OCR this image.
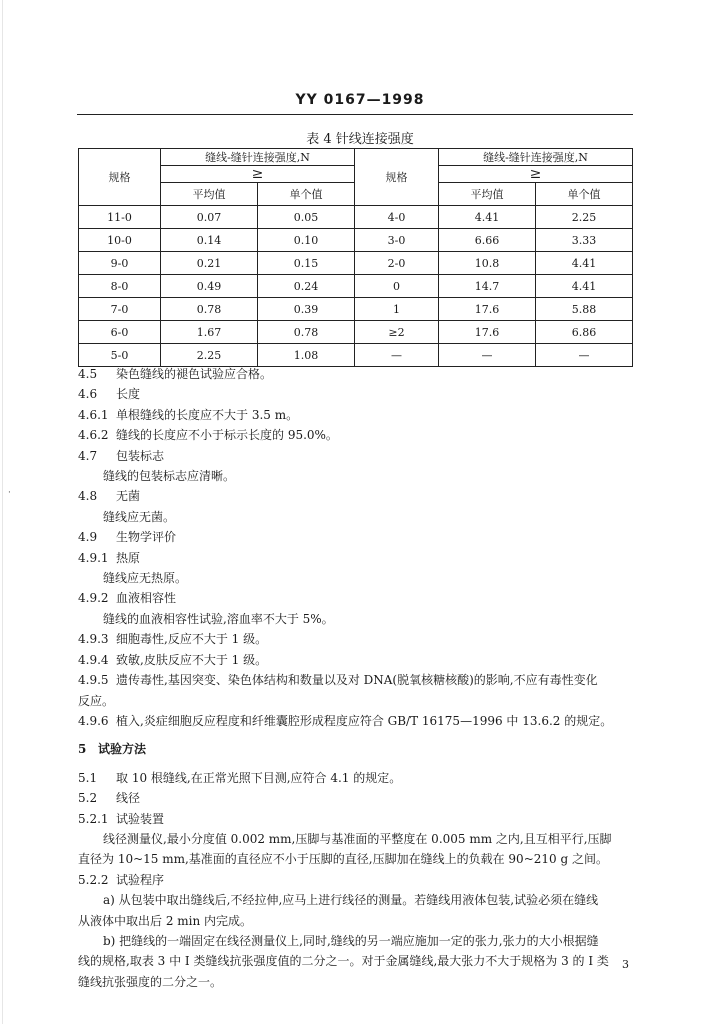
YY 0167—1998
表 4 针线连接强度
规格	缝线-缝针连接强度,N		规格	缝线-缝针连接强度,N	
	≥			≥	
	平均值	单个值		平均值	单个值
11-0	0.07	0.05	4-0	4.41	2.25
10-0	0.14	0.10	3-0	6.66	3.33
9-0	0.21	0.15	2-0	10.8	4.41
8-0	0.49	0.24	0	14.7	4.41
7-0	0.78	0.39	1	17.6	5.88
6-0	1.67	0.78	≥2	17.6	6.86
5-0	2.25	1.08	—	—	—
4.5 染色缝线的褪色试验应合格。
4.6 长度
4.6.1 单根缝线的长度应不大于 3.5 m。
4.6.2 缝线的长度应不小于标示长度的 95.0%。
4.7 包装标志
缝线的包装标志应清晰。
4.8 无菌
缝线应无菌。
4.9 生物学评价
4.9.1 热原
缝线应无热原。
4.9.2 血液相容性
缝线的血液相容性试验,溶血率不大于 5%。
4.9.3 细胞毒性,反应不大于 1 级。
4.9.4 致敏,皮肤反应不大于 1 级。
4.9.5 遗传毒性,基因突变、染色体结构和数量以及对 DNA(脱氧核糖核酸)的影响,不应有毒性变化
反应。
4.9.6 植入,炎症细胞反应程度和纤维囊腔形成程度应符合 GB/T 16175—1996 中 13.6.2 的规定。
5 试验方法
5.1 取 10 根缝线,在正常光照下目测,应符合 4.1 的规定。
5.2 线径
5.2.1 试验装置
线径测量仪,最小分度值 0.002 mm,压脚与基准面的平整度在 0.005 mm 之内,且互相平行,压脚
直径为 10~15 mm,基准面的直径应不小于压脚的直径,压脚加在缝线上的负载在 90~210 g 之间。
5.2.2 试验程序
a) 从包装中取出缝线后,不经拉伸,应马上进行线径的测量。若缝线用液体包装,试验必须在缝线
从液体中取出后 2 min 内完成。
b) 把缝线的一端固定在线径测量仪上,同时,缝线的另一端应施加一定的张力,张力的大小根据缝
线的规格,取表 3 中 I 类缝线抗张强度值的二分之一。对于金属缝线,最大张力不大于规格为 3 的 I 类
缝线抗张强度的二分之一。
·
3
